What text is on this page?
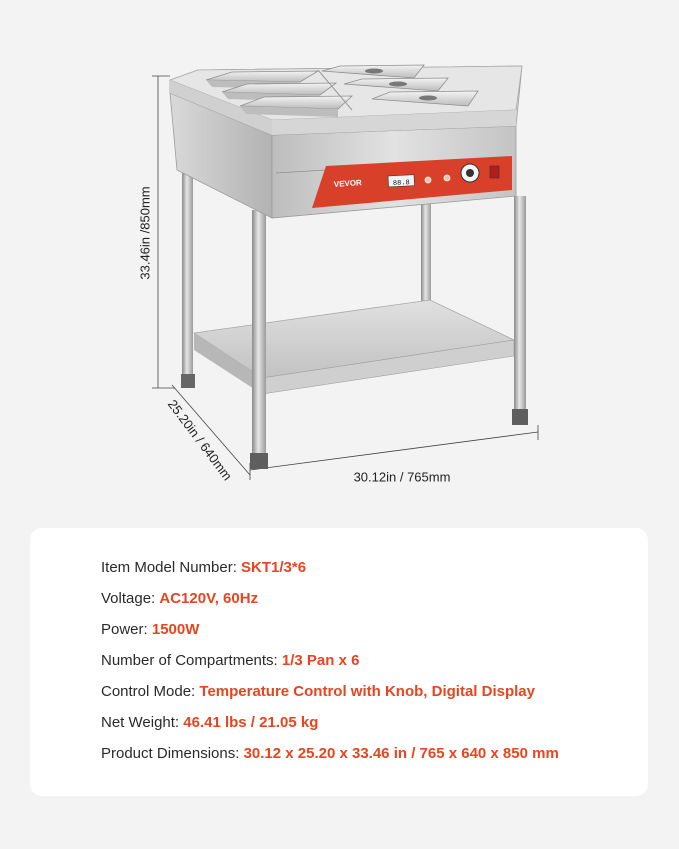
VEVOR	88.8
33.46in /850mm
25.20in / 640mm	30.12in / 765mm
Item Model Number: SKT1/3*6
Voltage: AC120V, 60Hz
Power: 1500W
Number of Compartments: 1/3 Pan x 6
Control Mode: Temperature Control with Knob, Digital Display
Net Weight: 46.41 lbs / 21.05 kg
Product Dimensions: 30.12 x 25.20 x 33.46 in / 765 x 640 x 850 mm
